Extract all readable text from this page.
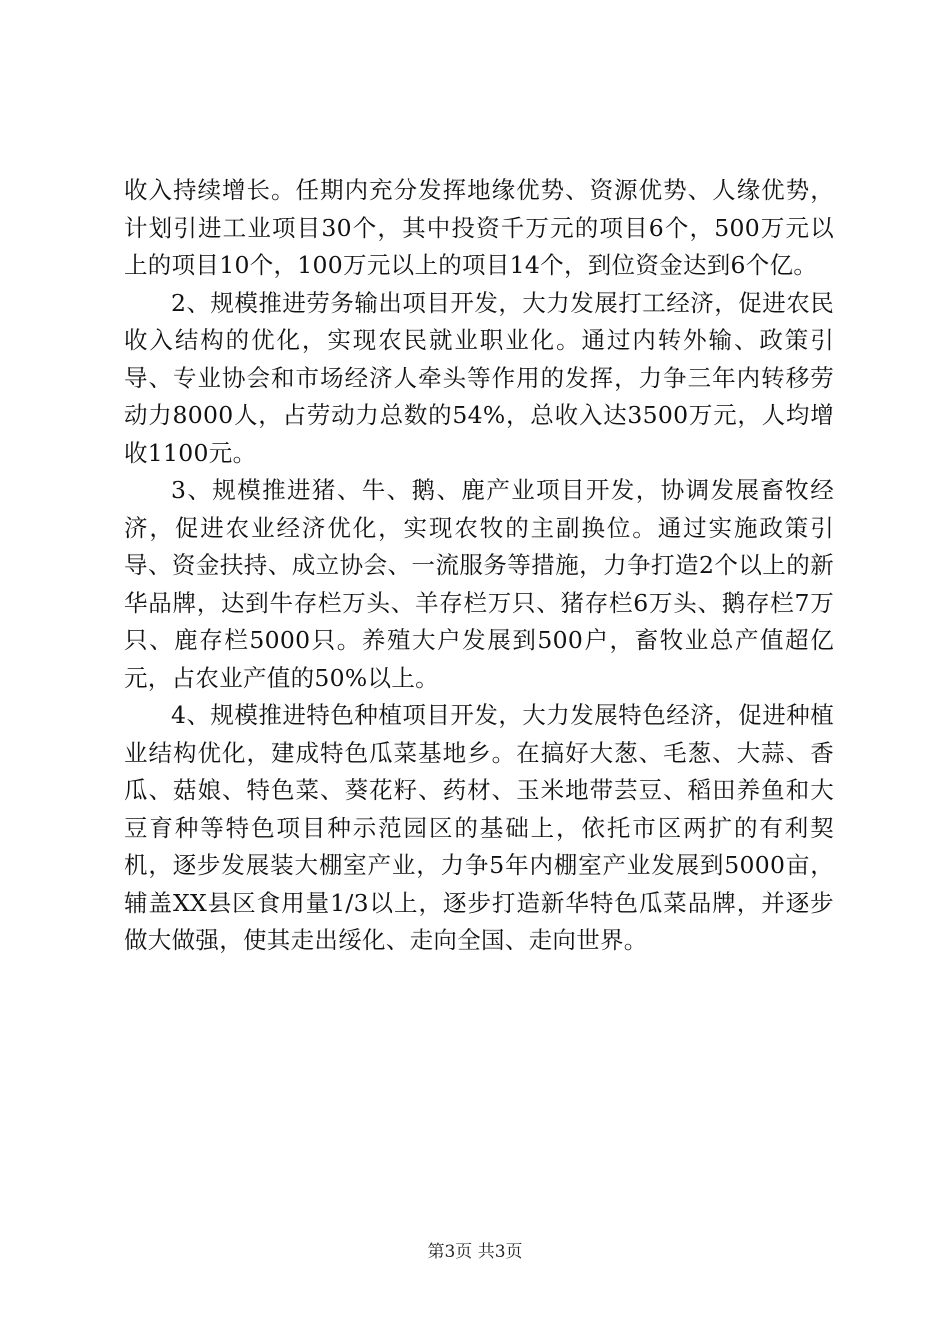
收入持续增长。任期内充分发挥地缘优势、资源优势、人缘优势，计划引进工业项目30个，其中投资千万元的项目6个，500万元以上的项目10个，100万元以上的项目14个，到位资金达到6个亿。

2、规模推进劳务输出项目开发，大力发展打工经济，促进农民收入结构的优化，实现农民就业职业化。通过内转外输、政策引导、专业协会和市场经济人牵头等作用的发挥，力争三年内转移劳动力8000人，占劳动力总数的54%，总收入达3500万元，人均增收1100元。

3、规模推进猪、牛、鹅、鹿产业项目开发，协调发展畜牧经济，促进农业经济优化，实现农牧的主副换位。通过实施政策引导、资金扶持、成立协会、一流服务等措施，力争打造2个以上的新华品牌，达到牛存栏万头、羊存栏万只、猪存栏6万头、鹅存栏7万只、鹿存栏5000只。养殖大户发展到500户，畜牧业总产值超亿元，占农业产值的50%以上。

4、规模推进特色种植项目开发，大力发展特色经济，促进种植业结构优化，建成特色瓜菜基地乡。在搞好大葱、毛葱、大蒜、香瓜、菇娘、特色菜、葵花籽、药材、玉米地带芸豆、稻田养鱼和大豆育种等特色项目种示范园区的基础上，依托市区两扩的有利契机，逐步发展装大棚室产业，力争5年内棚室产业发展到5000亩，辅盖XX县区食用量1/3以上，逐步打造新华特色瓜菜品牌，并逐步做大做强，使其走出绥化、走向全国、走向世界。

第3页 共3页
